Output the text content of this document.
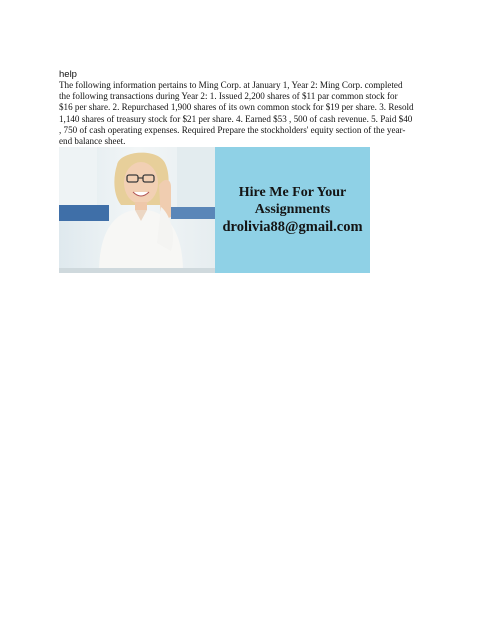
help
The following information pertains to Ming Corp. at January 1, Year 2: Ming Corp. completed
the following transactions during Year 2: 1. Issued 2,200 shares of $11 par common stock for
$16 per share. 2. Repurchased 1,900 shares of its own common stock for $19 per share. 3. Resold
1,140 shares of treasury stock for $21 per share. 4. Earned $53 , 500 of cash revenue. 5. Paid $40
, 750 of cash operating expenses. Required Prepare the stockholders' equity section of the year-
end balance sheet.
Hire Me For Your
Assignments
drolivia88@gmail.com
